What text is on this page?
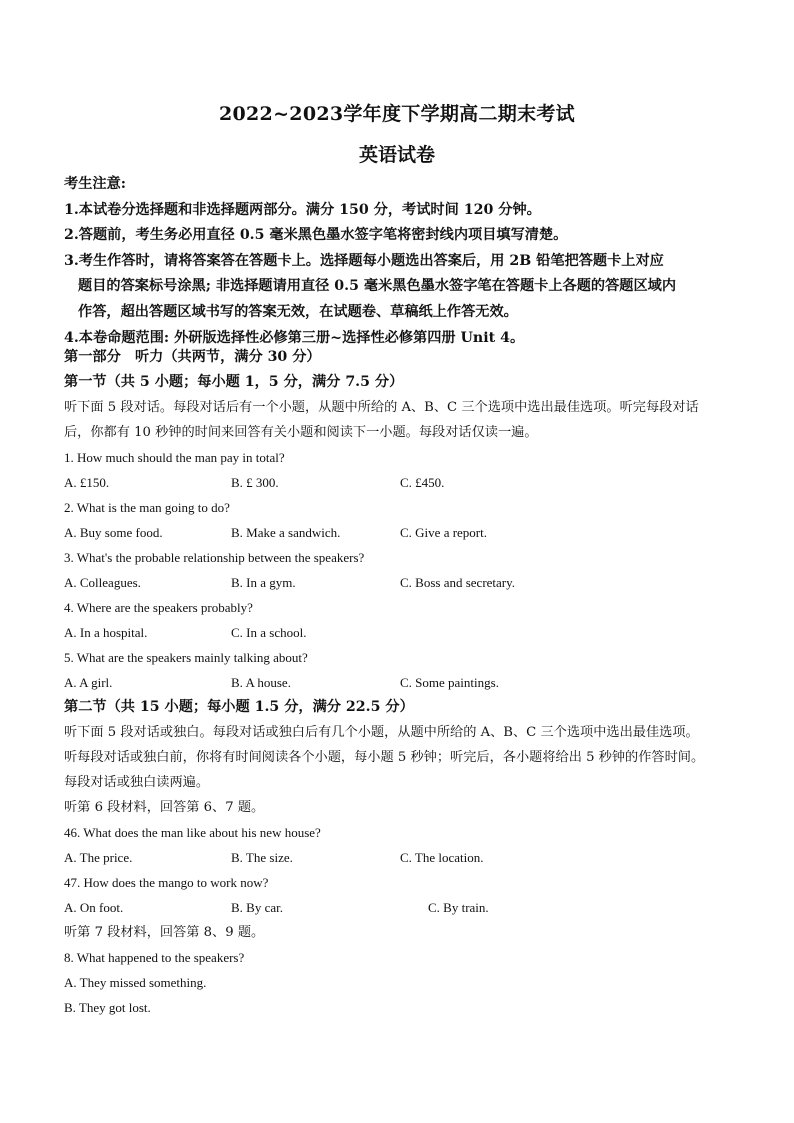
2022~2023学年度下学期高二期末考试
英语试卷
考生注意:
1.本试卷分选择题和非选择题两部分。满分 150 分，考试时间 120 分钟。
2.答题前，考生务必用直径 0.5 毫米黑色墨水签字笔将密封线内项目填写清楚。
3.考生作答时，请将答案答在答题卡上。选择题每小题选出答案后，用 2B 铅笔把答题卡上对应
题目的答案标号涂黑; 非选择题请用直径 0.5 毫米黑色墨水签字笔在答题卡上各题的答题区域内
作答，超出答题区域书写的答案无效，在试题卷、草稿纸上作答无效。
4.本卷命题范围: 外研版选择性必修第三册~选择性必修第四册 Unit 4。
第一部分　听力（共两节，满分 30 分）
第一节（共 5 小题；每小题 1，5 分，满分 7.5 分）
听下面 5 段对话。每段对话后有一个小题，从题中所给的 A、B、C 三个选项中选出最佳选项。听完每段对话
后，你都有 10 秒钟的时间来回答有关小题和阅读下一小题。每段对话仅读一遍。
1. How much should the man pay in total?
A. £150.	B. £ 300.	C. £450.
2. What is the man going to do?
A. Buy some food.	B. Make a sandwich.	C. Give a report.
3. What's the probable relationship between the speakers?
A. Colleagues.	B. In a gym.	C. Boss and secretary.
4. Where are the speakers probably?
A. In a hospital.	C. In a school.
5. What are the speakers mainly talking about?
A. A girl.	B. A house.	C. Some paintings.
第二节（共 15 小题；每小题 1.5 分，满分 22.5 分）
听下面 5 段对话或独白。每段对话或独白后有几个小题，从题中所给的 A、B、C 三个选项中选出最佳选项。
听每段对话或独白前，你将有时间阅读各个小题，每小题 5 秒钟；听完后，各小题将给出 5 秒钟的作答时间。
每段对话或独白读两遍。
听第 6 段材料，回答第 6、7 题。
46. What does the man like about his new house?
A. The price.	B. The size.	C. The location.
47. How does the mango to work now?
A. On foot.	B. By car.	C. By train.
听第 7 段材料，回答第 8、9 题。
8. What happened to the speakers?
A. They missed something.
B. They got lost.
